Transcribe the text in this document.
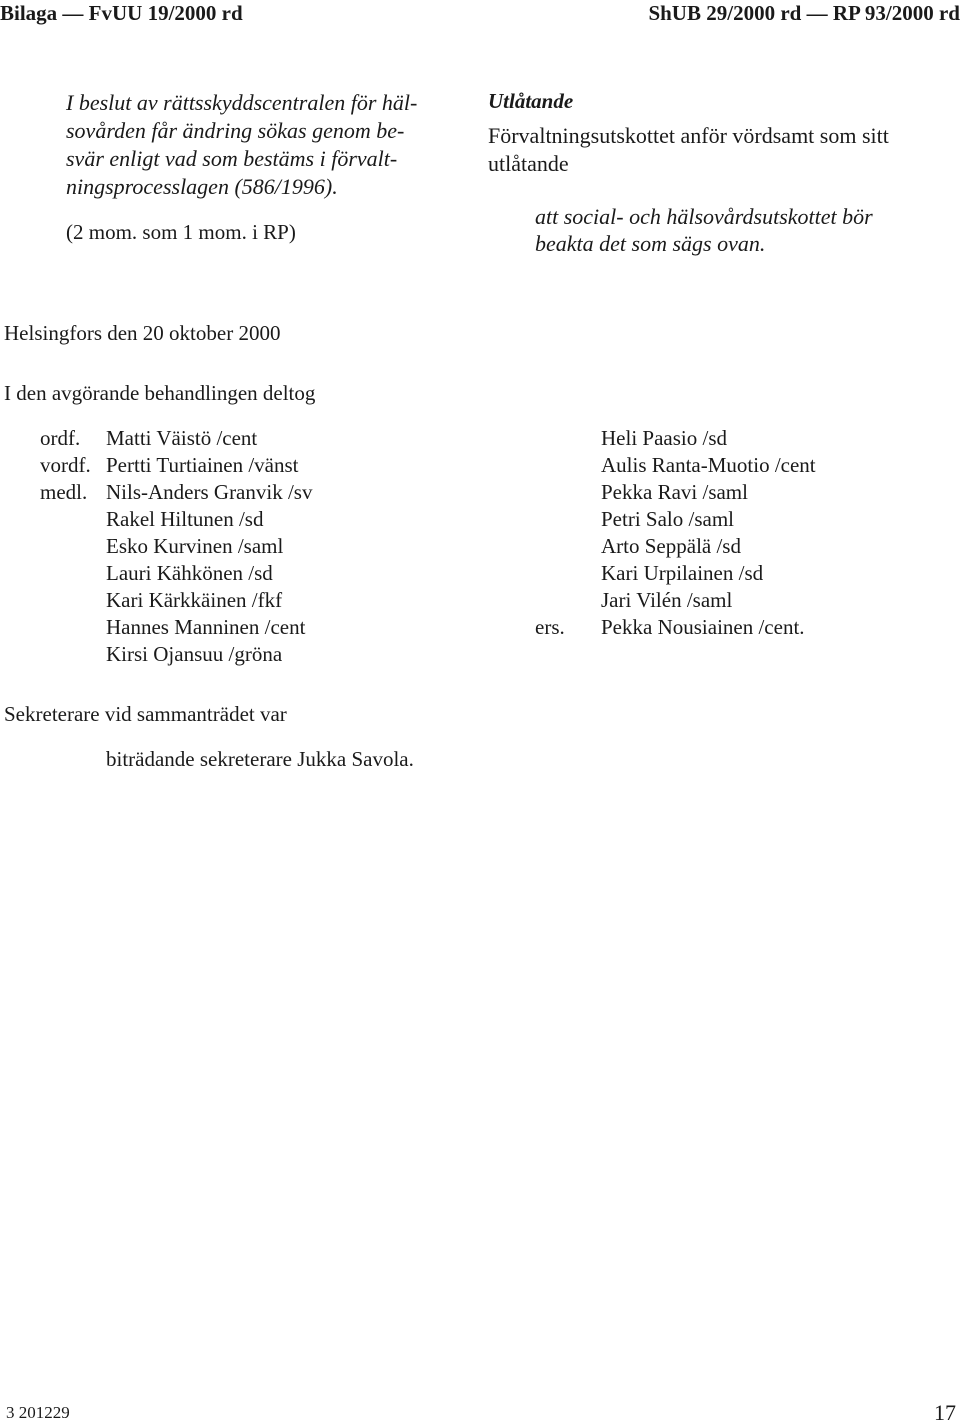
Bilaga — FvUU 19/2000 rd	ShUB 29/2000 rd — RP 93/2000 rd
I beslut av rättsskyddscentralen för häl-
sovården får ändring sökas genom be-
svär enligt vad som bestäms i förvalt-
ningsprocesslagen (586/1996).
(2 mom. som 1 mom. i RP)
Utlåtande
Förvaltningsutskottet anför vördsamt som sitt
utlåtande
att social- och hälsovårdsutskottet bör
beakta det som sägs ovan.
Helsingfors den 20 oktober 2000
I den avgörande behandlingen deltog
ordf.
vordf.
medl.
Matti Väistö /cent
Pertti Turtiainen /vänst
Nils-Anders Granvik /sv
Rakel Hiltunen /sd
Esko Kurvinen /saml
Lauri Kähkönen /sd
Kari Kärkkäinen /fkf
Hannes Manninen /cent
Kirsi Ojansuu /gröna
ers.
Heli Paasio /sd
Aulis Ranta-Muotio /cent
Pekka Ravi /saml
Petri Salo /saml
Arto Seppälä /sd
Kari Urpilainen /sd
Jari Vilén /saml
Pekka Nousiainen /cent.
Sekreterare vid sammanträdet var
biträdande sekreterare Jukka Savola.
3 201229	17
